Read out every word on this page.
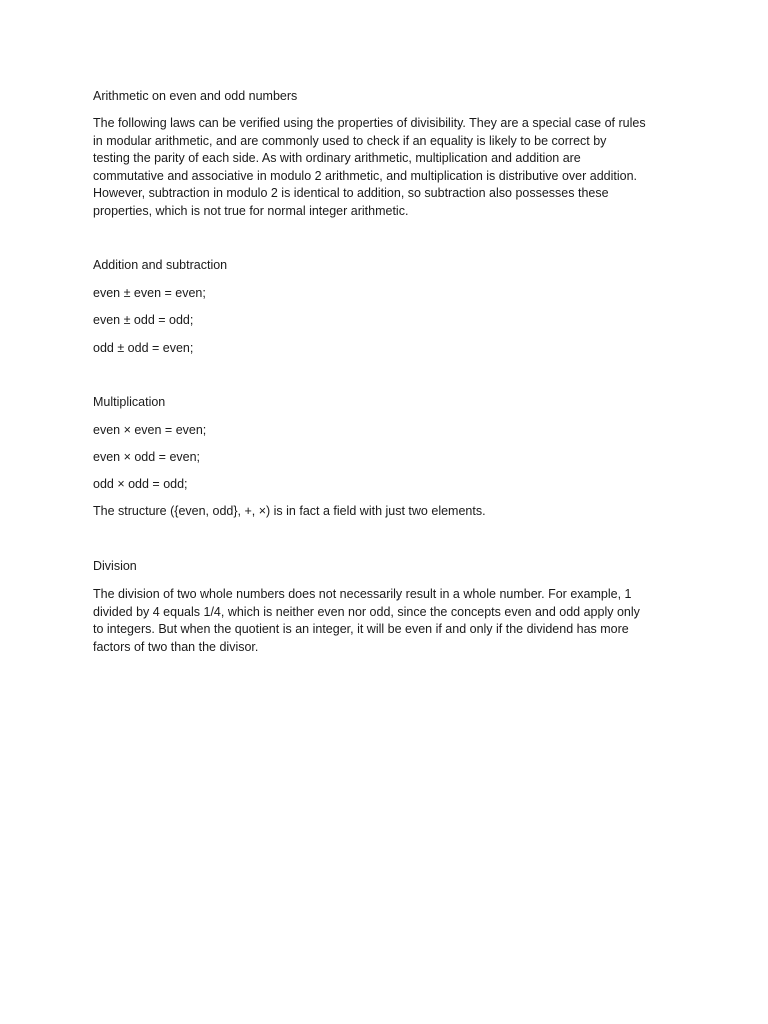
Arithmetic on even and odd numbers
The following laws can be verified using the properties of divisibility. They are a special case of rules
in modular arithmetic, and are commonly used to check if an equality is likely to be correct by
testing the parity of each side. As with ordinary arithmetic, multiplication and addition are
commutative and associative in modulo 2 arithmetic, and multiplication is distributive over addition.
However, subtraction in modulo 2 is identical to addition, so subtraction also possesses these
properties, which is not true for normal integer arithmetic.
Addition and subtraction
even ± even = even;
even ± odd = odd;
odd ± odd = even;
Multiplication
even × even = even;
even × odd = even;
odd × odd = odd;
The structure ({even, odd}, +, ×) is in fact a field with just two elements.
Division
The division of two whole numbers does not necessarily result in a whole number. For example, 1
divided by 4 equals 1/4, which is neither even nor odd, since the concepts even and odd apply only
to integers. But when the quotient is an integer, it will be even if and only if the dividend has more
factors of two than the divisor.
